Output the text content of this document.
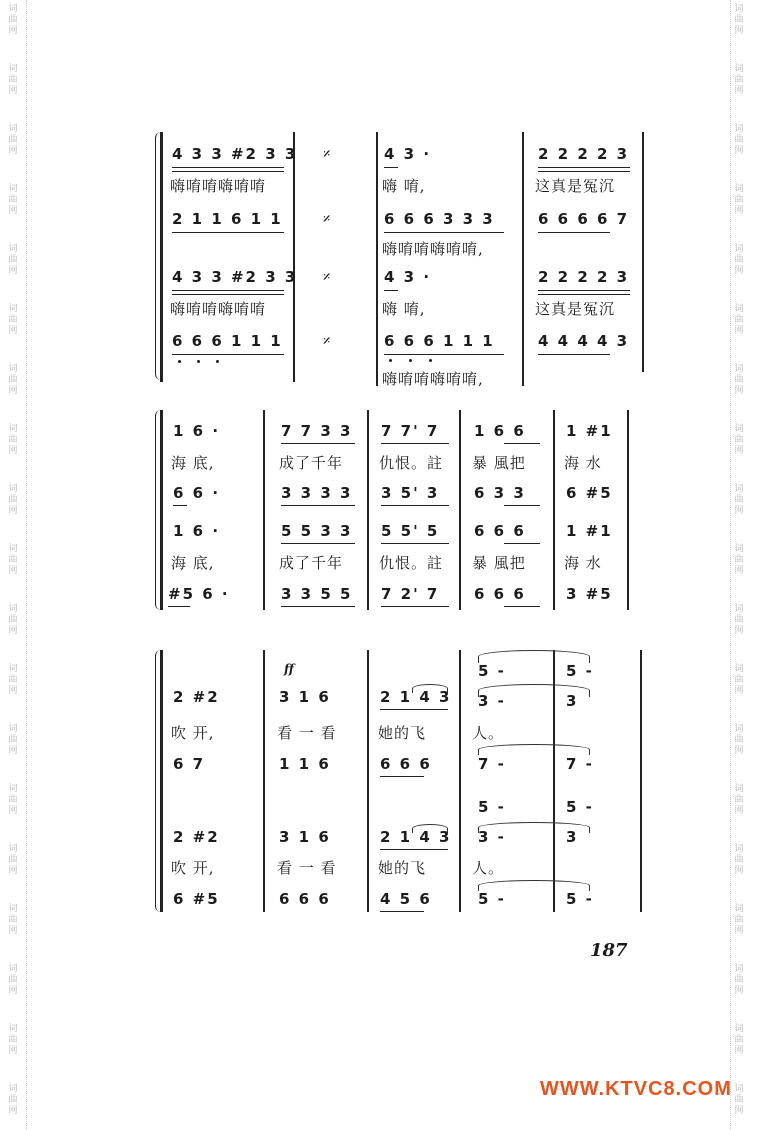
词
曲
网
词
曲
网
词
曲
网
词
曲
网
词
曲
网
词
曲
网
词
曲
网
词
曲
网
词
曲
网
词
曲
网
词
曲
网
词
曲
网
词
曲
网
词
曲
网
词
曲
网
词
曲
网
词
曲
网
词
曲
网
词
曲
网
词
曲
网
词
曲
网
词
曲
网
词
曲
网
词
曲
网
词
曲
网
词
曲
网
词
曲
网
词
曲
网
词
曲
网
词
曲
网
词
曲
网
词
曲
网
词
曲
网
词
曲
网
词
曲
网
词
曲
网
词
曲
网
词
曲
网
4 3 3 #2 3 3
嗨唷唷嗨唷唷
2 1 1 6 1 1
4 3 3 #2 3 3
嗨唷唷嗨唷唷
6 6 6 1 1 1
𝄎
𝄎
𝄎
𝄎
4 3 ·
嗨 唷,
6 6 6 3 3 3
嗨唷唷嗨唷唷,
4 3 ·
嗨 唷,
6 6 6 1 1 1
嗨唷唷嗨唷唷,
2 2 2 2 3
这真是冤沉
6 6 6 6 7
2 2 2 2 3
这真是冤沉
4 4 4 4 3
1 6 ·
海 底,
6 6 ·
1 6 ·
海 底,
#5 6 ·
7 7 3 3
成了千年
3 3 3 3
5 5 3 3
成了千年
3 3 5 5
7 7' 7
仇恨。註
3 5' 3
5 5' 5
仇恨。註
7 2' 7
1 6 6
暴 風把
6 3 3
6 6 6
暴 風把
6 6 6
1 #1
海 水
6 #5
1 #1
海 水
3 #5
ff
2 #2
吹 开,
6 7
2 #2
吹 开,
6 #5
3 1 6
看 一 看
1 1 6
3 1 6
看 一 看
6 6 6
2 1 4 3
她的飞
6 6 6
2 1 4 3
她的飞
4 5 6
5 -
3 -
人。
7 -
5 -
3 -
人。
5 -
5 -
3
7 -
5 -
3
5 -
187
WWW.KTVC8.COM
